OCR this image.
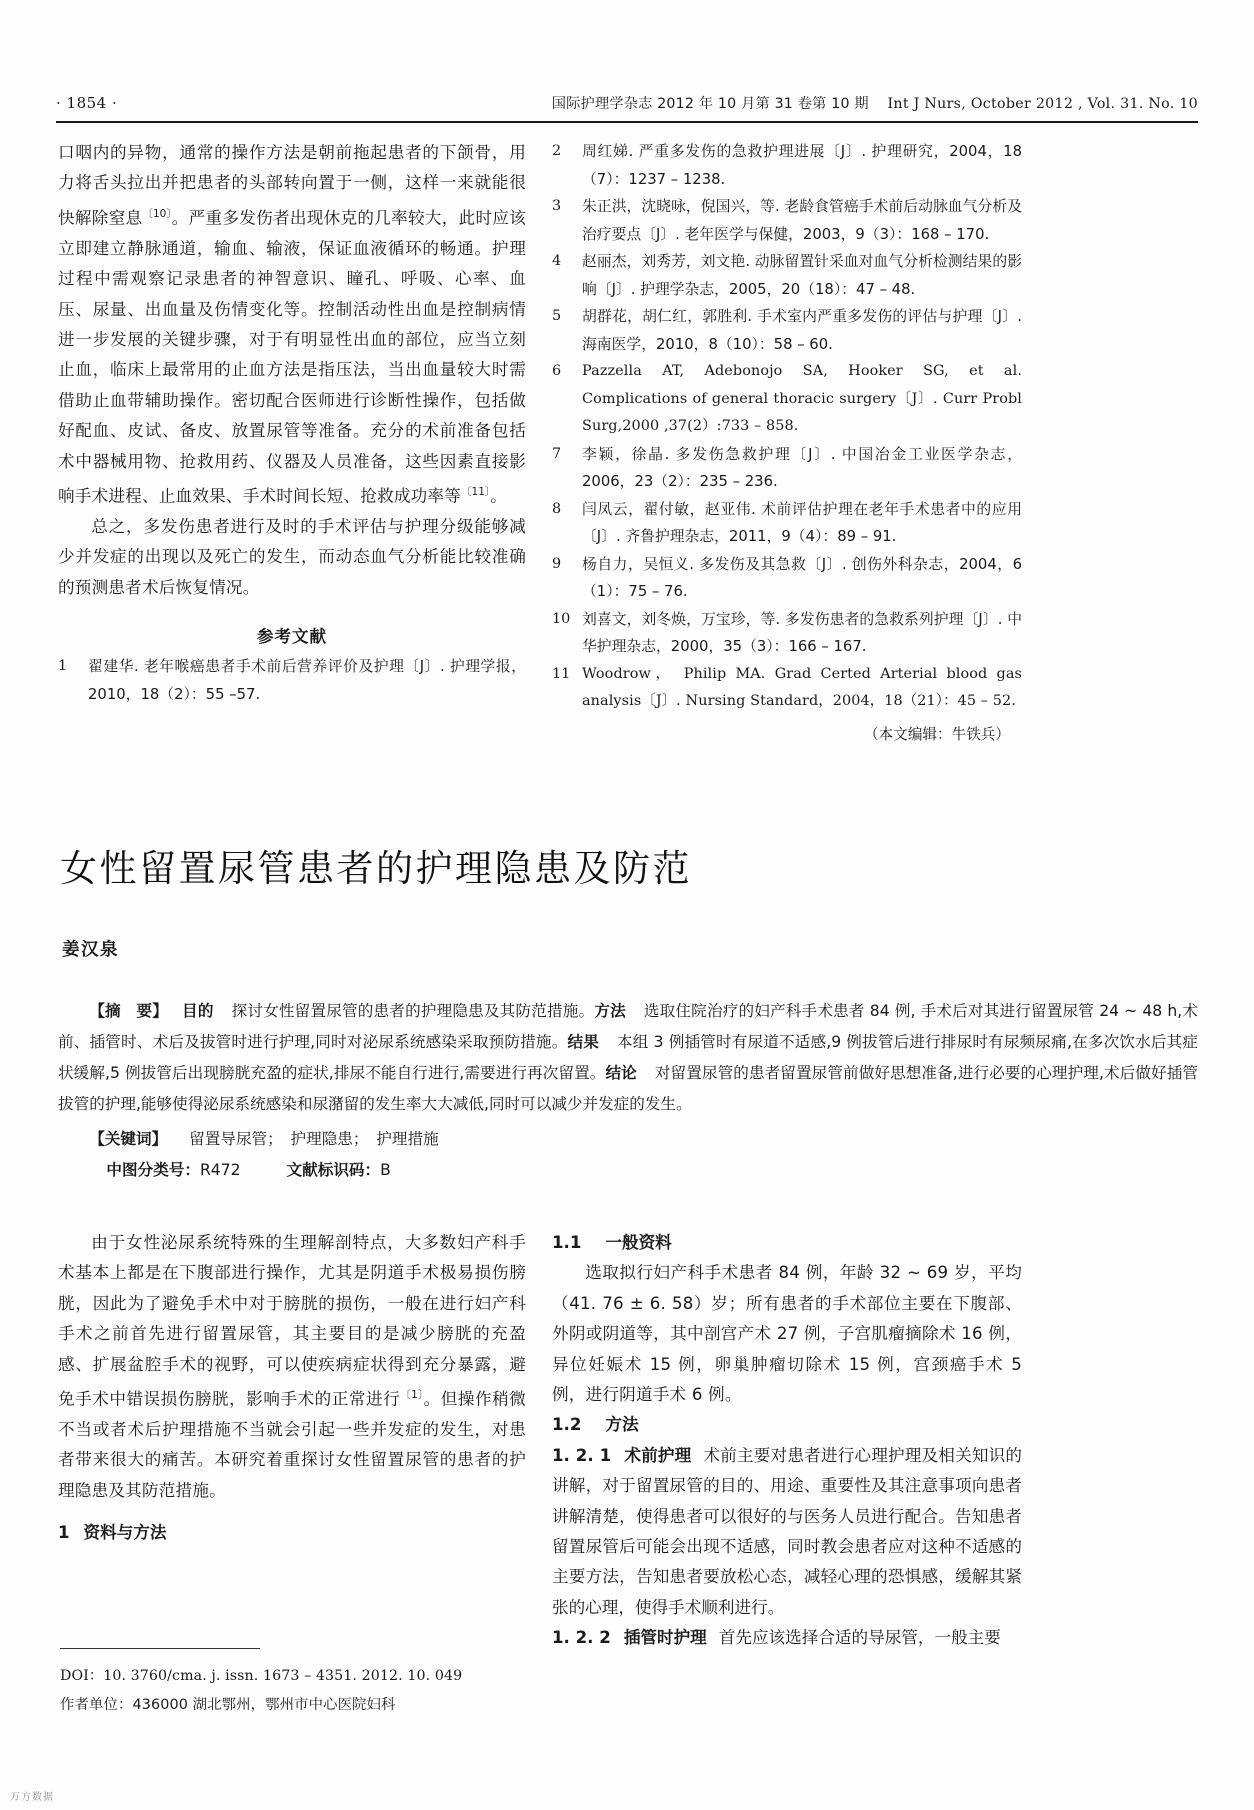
· 1854 ·	国际护理学杂志 2012 年 10 月第 31 卷第 10 期 Int J Nurs, October 2012 , Vol. 31. No. 10

口咽内的异物，通常的操作方法是朝前拖起患者的下颌骨，用力将舌头拉出并把患者的头部转向置于一侧，这样一来就能很快解除窒息$^{〔10〕}$。严重多发伤者出现休克的几率较大，此时应该立即建立静脉通道，输血、输液，保证血液循环的畅通。护理过程中需观察记录患者的神智意识、瞳孔、呼吸、心率、血压、尿量、出血量及伤情变化等。控制活动性出血是控制病情进一步发展的关键步骤，对于有明显性出血的部位，应当立刻止血，临床上最常用的止血方法是指压法，当出血量较大时需借助止血带辅助操作。密切配合医师进行诊断性操作，包括做好配血、皮试、备皮、放置尿管等准备。充分的术前准备包括术中器械用物、抢救用药、仪器及人员准备，这些因素直接影响手术进程、止血效果、手术时间长短、抢救成功率等$^{〔11〕}$。

总之，多发伤患者进行及时的手术评估与护理分级能够减少并发症的出现以及死亡的发生，而动态血气分析能比较准确的预测患者术后恢复情况。

参考文献
1	翟建华. 老年喉癌患者手术前后营养评价及护理〔J〕. 护理学报，2010，18（2）：55 –57.
2	周红娣. 严重多发伤的急救护理进展〔J〕. 护理研究，2004，18（7）：1237 – 1238.
3	朱正洪，沈晓咏，倪国兴，等. 老龄食管癌手术前后动脉血气分析及治疗要点〔J〕. 老年医学与保健，2003，9（3）：168 – 170.
4	赵丽杰，刘秀芳，刘文艳. 动脉留置针采血对血气分析检测结果的影响〔J〕. 护理学杂志，2005，20（18）：47 – 48.
5	胡群花，胡仁红，郭胜利. 手术室内严重多发伤的评估与护理〔J〕. 海南医学，2010，8（10）：58 – 60.
6	Pazzella AT, Adebonojo SA, Hooker SG, et al. Complications of general thoracic surgery〔J〕. Curr Probl Surg,2000 ,37(2）:733 – 858.
7	李颖，徐晶. 多发伤急救护理〔J〕. 中国冶金工业医学杂志，2006，23（2）：235 – 236.
8	闫凤云，翟付敏，赵亚伟. 术前评估护理在老年手术患者中的应用〔J〕. 齐鲁护理杂志，2011，9（4）：89 – 91.
9	杨自力，吴恒义. 多发伤及其急救〔J〕. 创伤外科杂志，2004，6（1）：75 – 76.
10 刘喜文，刘冬焕，万宝珍，等. 多发伤患者的急救系列护理〔J〕. 中华护理杂志，2000，35（3）：166 – 167.
11 Woodrow， Philip MA. Grad Certed Arterial blood gas analysis〔J〕. Nursing Standard，2004，18（21）：45 – 52.
（本文编辑：牛铁兵）
女性留置尿管患者的护理隐患及防范
姜汉泉

【摘　要】 目的 探讨女性留置尿管的患者的护理隐患及其防范措施。方法 选取住院治疗的妇产科手术患者 84 例, 手术后对其进行留置尿管 24 ~ 48 h,术前、插管时、术后及拔管时进行护理,同时对泌尿系统感染采取预防措施。结果 本组 3 例插管时有尿道不适感,9 例拔管后进行排尿时有尿频尿痛,在多次饮水后其症状缓解,5 例拔管后出现膀胱充盈的症状,排尿不能自行进行,需要进行再次留置。结论 对留置尿管的患者留置尿管前做好思想准备,进行必要的心理护理,术后做好插管拔管的护理,能够使得泌尿系统感染和尿潴留的发生率大大减低,同时可以减少并发症的发生。

【关键词】 留置导尿管；　护理隐患；　护理措施

中图分类号：R472	文献标识码：B

由于女性泌尿系统特殊的生理解剖特点，大多数妇产科手术基本上都是在下腹部进行操作，尤其是阴道手术极易损伤膀胱，因此为了避免手术中对于膀胱的损伤，一般在进行妇产科手术之前首先进行留置尿管，其主要目的是减少膀胱的充盈感、扩展盆腔手术的视野，可以使疾病症状得到充分暴露，避免手术中错误损伤膀胱，影响手术的正常进行$^{〔1〕}$。但操作稍微不当或者术后护理措施不当就会引起一些并发症的发生，对患者带来很大的痛苦。本研究着重探讨女性留置尿管的患者的护理隐患及其防范措施。

1 资料与方法

1.1 一般资料

选取拟行妇产科手术患者 84 例，年龄 32 ~ 69 岁，平均（41. 76 ± 6. 58）岁；所有患者的手术部位主要在下腹部、外阴或阴道等，其中剖宫产术 27 例，子宫肌瘤摘除术 16 例，异位妊娠术 15 例，卵巢肿瘤切除术 15 例，宫颈癌手术 5 例，进行阴道手术 6 例。

1.2 方法

1. 2. 1 术前护理 术前主要对患者进行心理护理及相关知识的讲解，对于留置尿管的目的、用途、重要性及其注意事项向患者讲解清楚，使得患者可以很好的与医务人员进行配合。告知患者留置尿管后可能会出现不适感，同时教会患者应对这种不适感的主要方法，告知患者要放松心态，减轻心理的恐惧感，缓解其紧张的心理，使得手术顺利进行。

1. 2. 2 插管时护理 首先应该选择合适的导尿管，一般主要

DOI：10. 3760/cma. j. issn. 1673 – 4351. 2012. 10. 049

作者单位：436000 湖北鄂州，鄂州市中心医院妇科

万方数据
